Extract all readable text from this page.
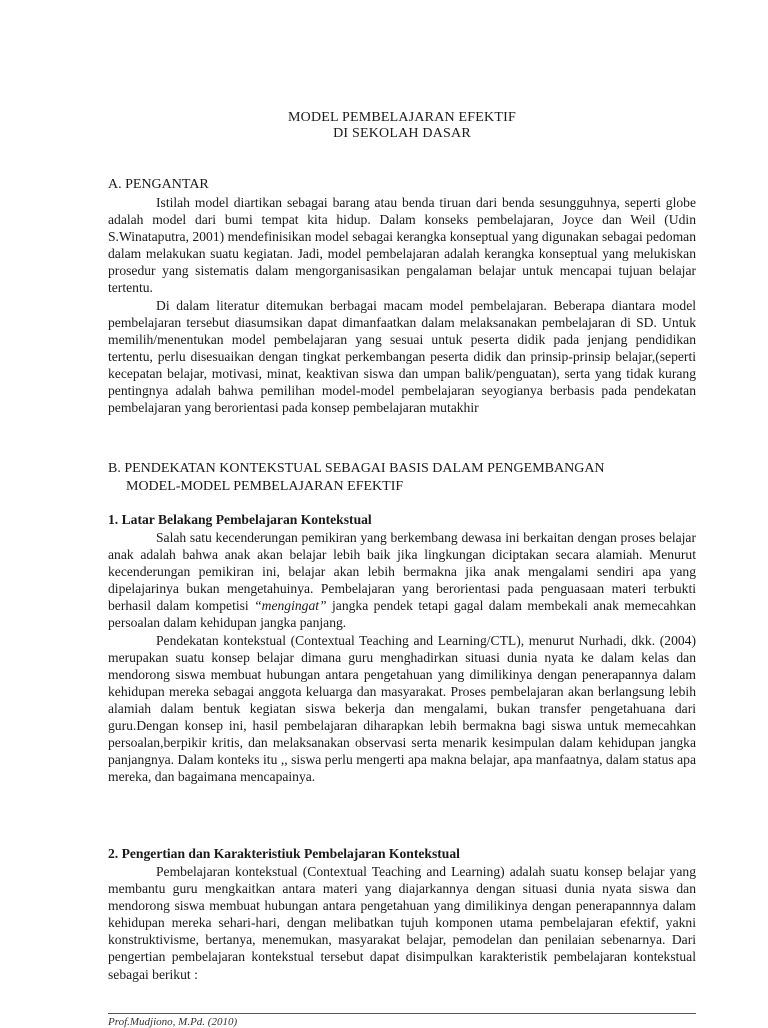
MODEL PEMBELAJARAN EFEKTIF
DI SEKOLAH DASAR
A. PENGANTAR

Istilah model diartikan sebagai barang atau benda tiruan dari benda sesungguhnya, seperti globe adalah model dari bumi tempat kita hidup. Dalam konseks pembelajaran, Joyce dan Weil (Udin S.Winataputra, 2001) mendefinisikan model sebagai kerangka konseptual yang digunakan sebagai pedoman dalam melakukan suatu kegiatan. Jadi, model pembelajaran adalah kerangka konseptual yang melukiskan prosedur yang sistematis dalam mengorganisasikan pengalaman belajar untuk mencapai tujuan belajar tertentu.

Di dalam literatur ditemukan berbagai macam model pembelajaran. Beberapa diantara model pembelajaran tersebut diasumsikan dapat dimanfaatkan dalam melaksanakan pembelajaran di SD. Untuk memilih/menentukan model pembelajaran yang sesuai untuk peserta didik pada jenjang pendidikan tertentu, perlu disesuaikan dengan tingkat perkembangan peserta didik dan prinsip-prinsip belajar,(seperti kecepatan belajar, motivasi, minat, keaktivan siswa dan umpan balik/penguatan), serta yang tidak kurang pentingnya adalah bahwa pemilihan model-model pembelajaran seyogianya berbasis pada pendekatan pembelajaran yang berorientasi pada konsep pembelajaran mutakhir

B. PENDEKATAN KONTEKSTUAL SEBAGAI BASIS DALAM PENGEMBANGAN
MODEL-MODEL PEMBELAJARAN EFEKTIF
1. Latar Belakang Pembelajaran Kontekstual

Salah satu kecenderungan pemikiran yang berkembang dewasa ini berkaitan dengan proses belajar anak adalah bahwa anak akan belajar lebih baik jika lingkungan diciptakan secara alamiah. Menurut kecenderungan pemikiran ini, belajar akan lebih bermakna jika anak mengalami sendiri apa yang dipelajarinya bukan mengetahuinya. Pembelajaran yang berorientasi pada penguasaan materi terbukti berhasil dalam kompetisi “mengingat” jangka pendek tetapi gagal dalam membekali anak memecahkan persoalan dalam kehidupan jangka panjang.

Pendekatan kontekstual (Contextual Teaching and Learning/CTL), menurut Nurhadi, dkk. (2004) merupakan suatu konsep belajar dimana guru menghadirkan situasi dunia nyata ke dalam kelas dan mendorong siswa membuat hubungan antara pengetahuan yang dimilikinya dengan penerapannya dalam kehidupan mereka sebagai anggota keluarga dan masyarakat. Proses pembelajaran akan berlangsung lebih alamiah dalam bentuk kegiatan siswa bekerja dan mengalami, bukan transfer pengetahuana dari guru.Dengan konsep ini, hasil pembelajaran diharapkan lebih bermakna bagi siswa untuk memecahkan persoalan,berpikir kritis, dan melaksanakan observasi serta menarik kesimpulan dalam kehidupan jangka panjangnya. Dalam konteks itu ,, siswa perlu mengerti apa makna belajar, apa manfaatnya, dalam status apa mereka, dan bagaimana mencapainya.

2. Pengertian dan Karakteristiuk Pembelajaran Kontekstual

Pembelajaran kontekstual (Contextual Teaching and Learning) adalah suatu konsep belajar yang membantu guru mengkaitkan antara materi yang diajarkannya dengan situasi dunia nyata siswa dan mendorong siswa membuat hubungan antara pengetahuan yang dimilikinya dengan penerapannnya dalam kehidupan mereka sehari-hari, dengan melibatkan tujuh komponen utama pembelajaran efektif, yakni konstruktivisme, bertanya, menemukan, masyarakat belajar, pemodelan dan penilaian sebenarnya. Dari pengertian pembelajaran kontekstual tersebut dapat disimpulkan karakteristik pembelajaran kontekstual sebagai berikut :

Prof.Mudjiono, M.Pd. (2010)
